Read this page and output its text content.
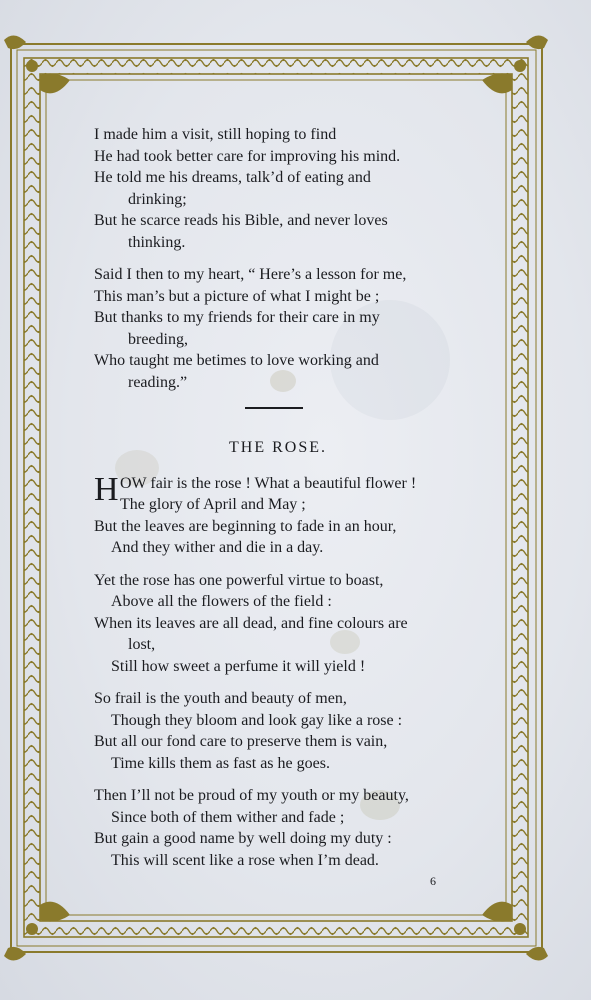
I made him a visit, still hoping to find
He had took better care for improving his mind.
He told me his dreams, talk’d of eating and
drinking;
But he scarce reads his Bible, and never loves
thinking.
Said I then to my heart, “ Here’s a lesson for me,
This man’s but a picture of what I might be ;
But thanks to my friends for their care in my
breeding,
Who taught me betimes to love working and
reading.”
THE ROSE.
H OW fair is the rose ! What a beautiful flower !
The glory of April and May ;
But the leaves are beginning to fade in an hour,
And they wither and die in a day.
Yet the rose has one powerful virtue to boast,
Above all the flowers of the field :
When its leaves are all dead, and fine colours are
lost,
Still how sweet a perfume it will yield !
So frail is the youth and beauty of men,
Though they bloom and look gay like a rose :
But all our fond care to preserve them is vain,
Time kills them as fast as he goes.
Then I’ll not be proud of my youth or my beauty,
Since both of them wither and fade ;
But gain a good name by well doing my duty :
This will scent like a rose when I’m dead.
6
